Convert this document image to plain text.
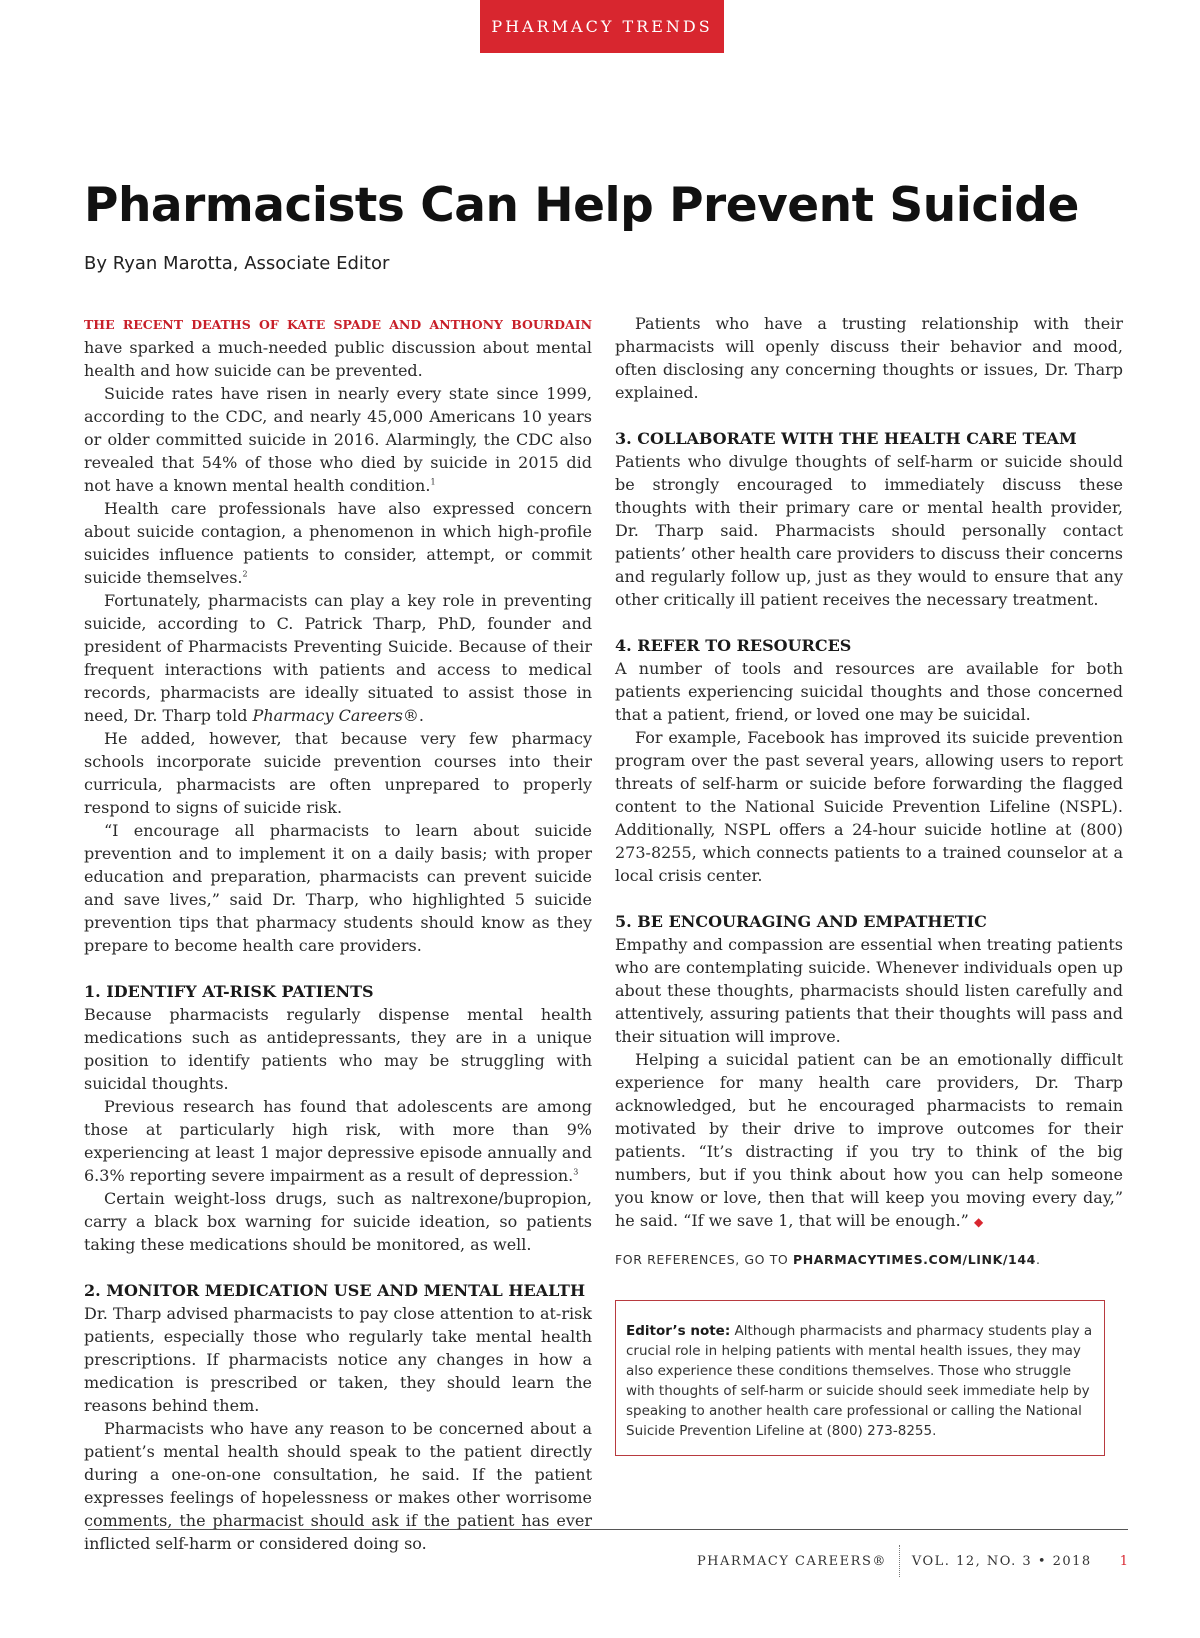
PHARMACY TRENDS
Pharmacists Can Help Prevent Suicide
By Ryan Marotta, Associate Editor

THE RECENT DEATHS OF KATE SPADE AND ANTHONY BOURDAIN have sparked a much-needed public discussion about mental health and how suicide can be prevented.

Suicide rates have risen in nearly every state since 1999, according to the CDC, and nearly 45,000 Americans 10 years or older committed suicide in 2016. Alarmingly, the CDC also revealed that 54% of those who died by suicide in 2015 did not have a known mental health condition.$^1$

Health care professionals have also expressed concern about suicide contagion, a phenomenon in which high-profile suicides influence patients to consider, attempt, or commit suicide themselves.$^2$

Fortunately, pharmacists can play a key role in preventing suicide, according to C. Patrick Tharp, PhD, founder and president of Pharmacists Preventing Suicide. Because of their frequent interactions with patients and access to medical records, pharmacists are ideally situated to assist those in need, Dr. Tharp told Pharmacy Careers®.

He added, however, that because very few pharmacy schools incorporate suicide prevention courses into their curricula, pharmacists are often unprepared to properly respond to signs of suicide risk.

“I encourage all pharmacists to learn about suicide prevention and to implement it on a daily basis; with proper education and preparation, pharmacists can prevent suicide and save lives,” said Dr. Tharp, who highlighted 5 suicide prevention tips that pharmacy students should know as they prepare to become health care providers.

1. IDENTIFY AT-RISK PATIENTS

Because pharmacists regularly dispense mental health medications such as antidepressants, they are in a unique position to identify patients who may be struggling with suicidal thoughts.

Previous research has found that adolescents are among those at particularly high risk, with more than 9% experiencing at least 1 major depressive episode annually and 6.3% reporting severe impairment as a result of depression.$^3$

Certain weight-loss drugs, such as naltrexone/bupropion, carry a black box warning for suicide ideation, so patients taking these medications should be monitored, as well.

2. MONITOR MEDICATION USE AND MENTAL HEALTH

Dr. Tharp advised pharmacists to pay close attention to at-risk patients, especially those who regularly take mental health prescriptions. If pharmacists notice any changes in how a medication is prescribed or taken, they should learn the reasons behind them.

Pharmacists who have any reason to be concerned about a patient’s mental health should speak to the patient directly during a one-on-one consultation, he said. If the patient expresses feelings of hopelessness or makes other worrisome comments, the pharmacist should ask if the patient has ever inflicted self-harm or considered doing so.

Patients who have a trusting relationship with their pharmacists will openly discuss their behavior and mood, often disclosing any concerning thoughts or issues, Dr. Tharp explained.

3. COLLABORATE WITH THE HEALTH CARE TEAM

Patients who divulge thoughts of self-harm or suicide should be strongly encouraged to immediately discuss these thoughts with their primary care or mental health provider, Dr. Tharp said. Pharmacists should personally contact patients’ other health care providers to discuss their concerns and regularly follow up, just as they would to ensure that any other critically ill patient receives the necessary treatment.

4. REFER TO RESOURCES

A number of tools and resources are available for both patients experiencing suicidal thoughts and those concerned that a patient, friend, or loved one may be suicidal.

For example, Facebook has improved its suicide prevention program over the past several years, allowing users to report threats of self-harm or suicide before forwarding the flagged content to the National Suicide Prevention Lifeline (NSPL). Additionally, NSPL offers a 24-hour suicide hotline at (800) 273-8255, which connects patients to a trained counselor at a local crisis center.

5. BE ENCOURAGING AND EMPATHETIC

Empathy and compassion are essential when treating patients who are contemplating suicide. Whenever individuals open up about these thoughts, pharmacists should listen carefully and attentively, assuring patients that their thoughts will pass and their situation will improve.

Helping a suicidal patient can be an emotionally difficult experience for many health care providers, Dr. Tharp acknowledged, but he encouraged pharmacists to remain motivated by their drive to improve outcomes for their patients. “It’s distracting if you try to think of the big numbers, but if you think about how you can help someone you know or love, then that will keep you moving every day,” he said. “If we save 1, that will be enough.” ◆

FOR REFERENCES, GO TO PHARMACYTIMES.COM/LINK/144.
Editor’s note: Although pharmacists and pharmacy students play a crucial role in helping patients with mental health issues, they may also experience these conditions themselves. Those who struggle with thoughts of self-harm or suicide should seek immediate help by speaking to another health care professional or calling the National Suicide Prevention Lifeline at (800) 273-8255.
PHARMACY CAREERS® VOL. 12, NO. 3 • 2018 1
